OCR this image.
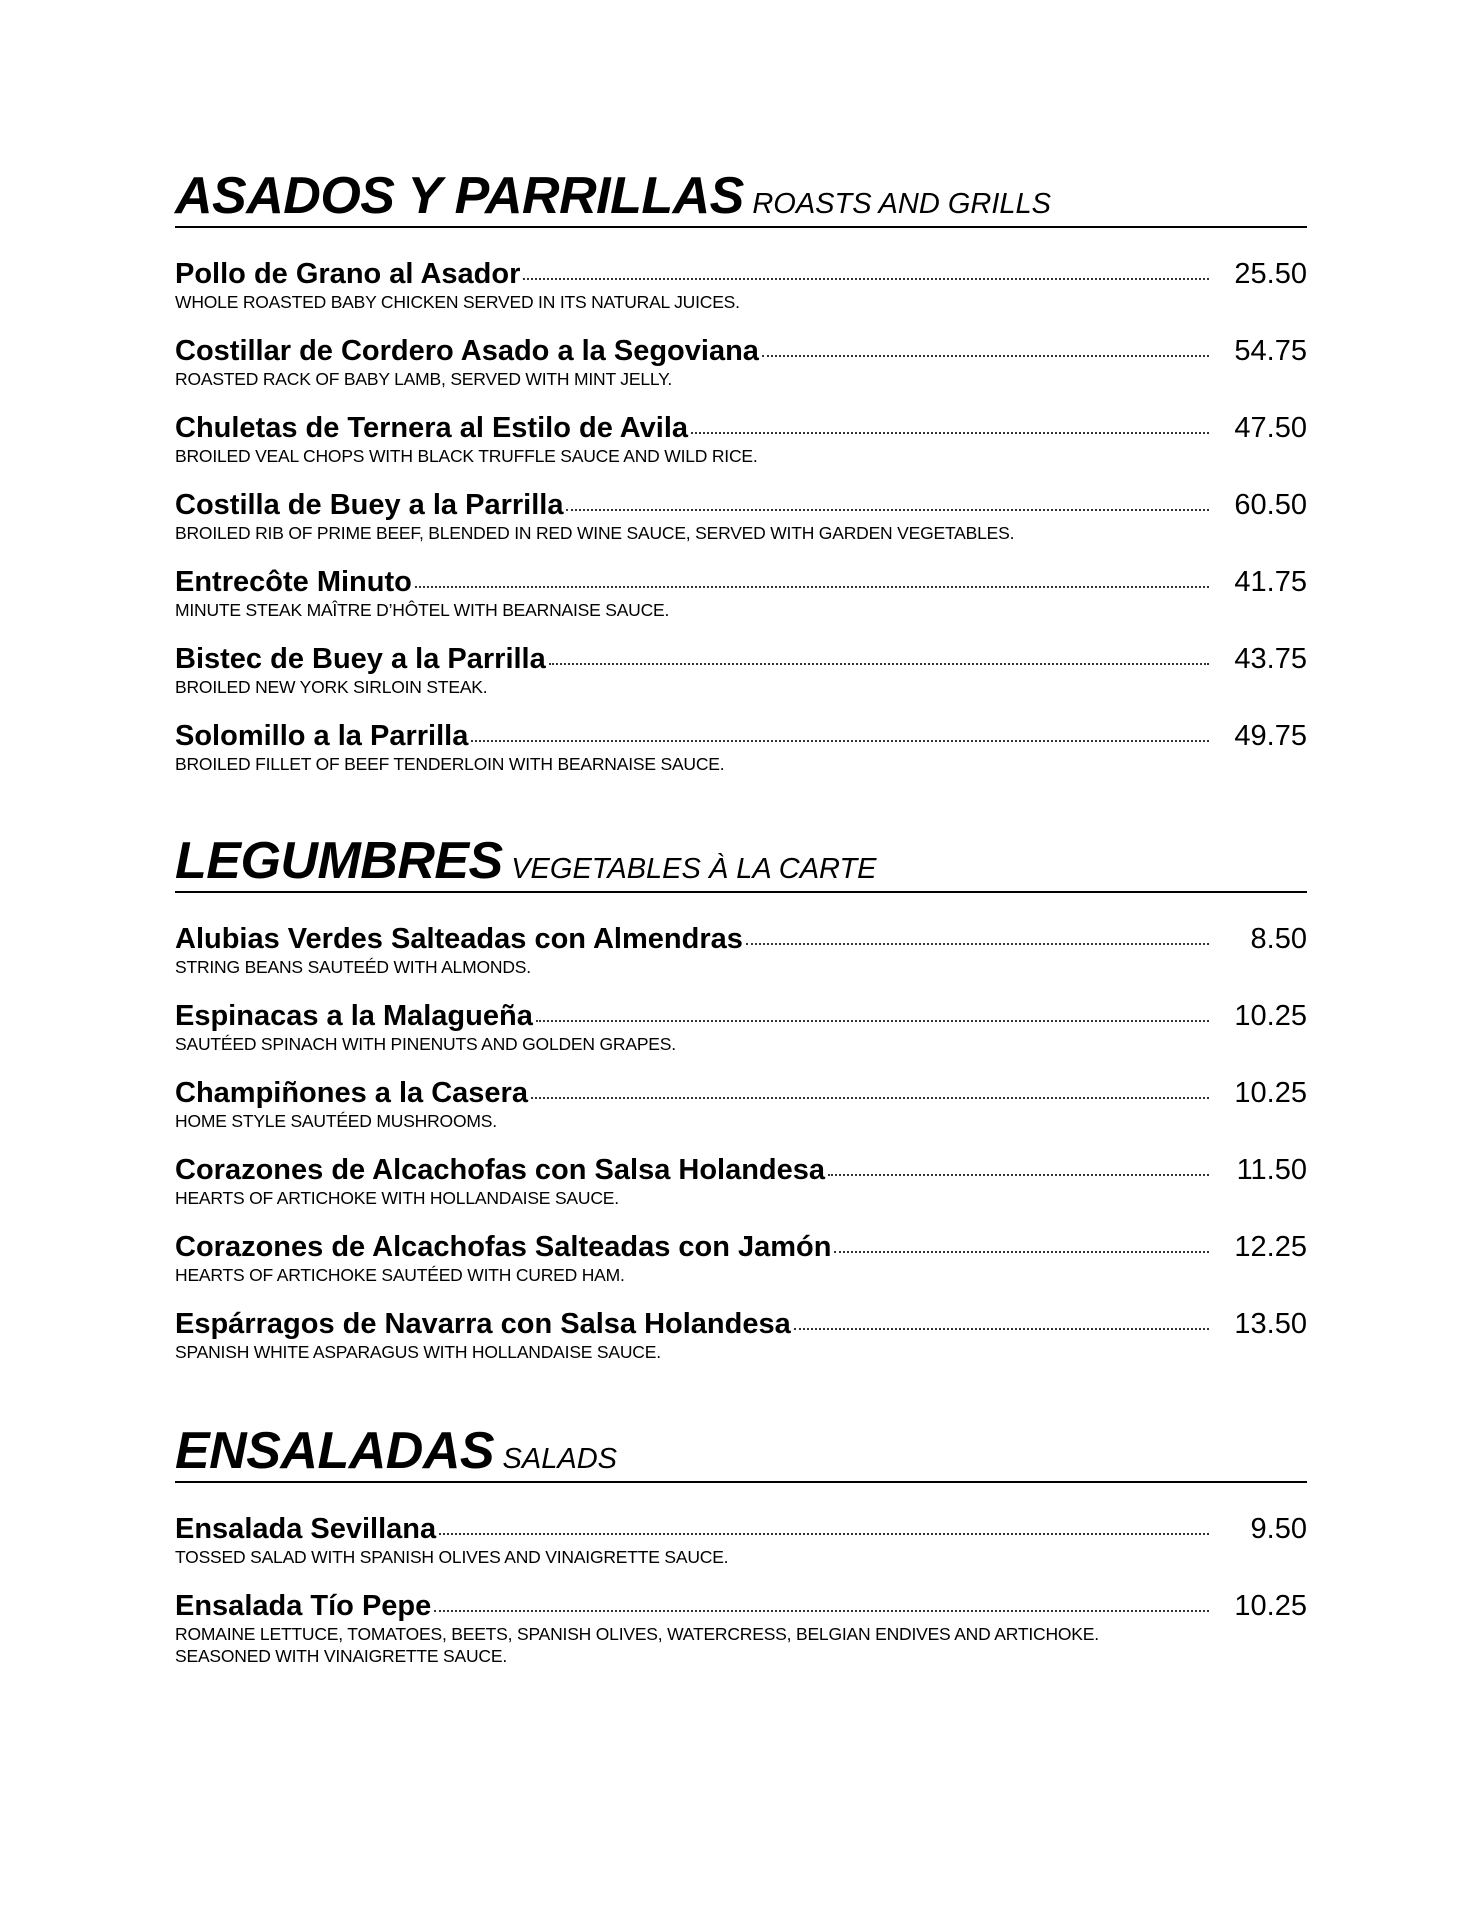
ASADOS Y PARRILLAS ROASTS AND GRILLS
Pollo de Grano al Asador	25.50
WHOLE ROASTED BABY CHICKEN SERVED IN ITS NATURAL JUICES.
Costillar de Cordero Asado a la Segoviana	54.75
ROASTED RACK OF BABY LAMB, SERVED WITH MINT JELLY.
Chuletas de Ternera al Estilo de Avila	47.50
BROILED VEAL CHOPS WITH BLACK TRUFFLE SAUCE AND WILD RICE.
Costilla de Buey a la Parrilla	60.50
BROILED RIB OF PRIME BEEF, BLENDED IN RED WINE SAUCE, SERVED WITH GARDEN VEGETABLES.
Entrecôte Minuto	41.75
MINUTE STEAK MAÎTRE D’HÔTEL WITH BEARNAISE SAUCE.
Bistec de Buey a la Parrilla	43.75
BROILED NEW YORK SIRLOIN STEAK.
Solomillo a la Parrilla	49.75
BROILED FILLET OF BEEF TENDERLOIN WITH BEARNAISE SAUCE.
LEGUMBRES VEGETABLES À LA CARTE
Alubias Verdes Salteadas con Almendras	8.50
STRING BEANS SAUTEÉD WITH ALMONDS.
Espinacas a la Malagueña	10.25
SAUTÉED SPINACH WITH PINENUTS AND GOLDEN GRAPES.
Champiñones a la Casera	10.25
HOME STYLE SAUTÉED MUSHROOMS.
Corazones de Alcachofas con Salsa Holandesa	11.50
HEARTS OF ARTICHOKE WITH HOLLANDAISE SAUCE.
Corazones de Alcachofas Salteadas con Jamón	12.25
HEARTS OF ARTICHOKE SAUTÉED WITH CURED HAM.
Espárragos de Navarra con Salsa Holandesa	13.50
SPANISH WHITE ASPARAGUS WITH HOLLANDAISE SAUCE.
ENSALADAS SALADS
Ensalada Sevillana	9.50
TOSSED SALAD WITH SPANISH OLIVES AND VINAIGRETTE SAUCE.
Ensalada Tío Pepe	10.25
ROMAINE LETTUCE, TOMATOES, BEETS, SPANISH OLIVES, WATERCRESS, BELGIAN ENDIVES AND ARTICHOKE. SEASONED WITH VINAIGRETTE SAUCE.
